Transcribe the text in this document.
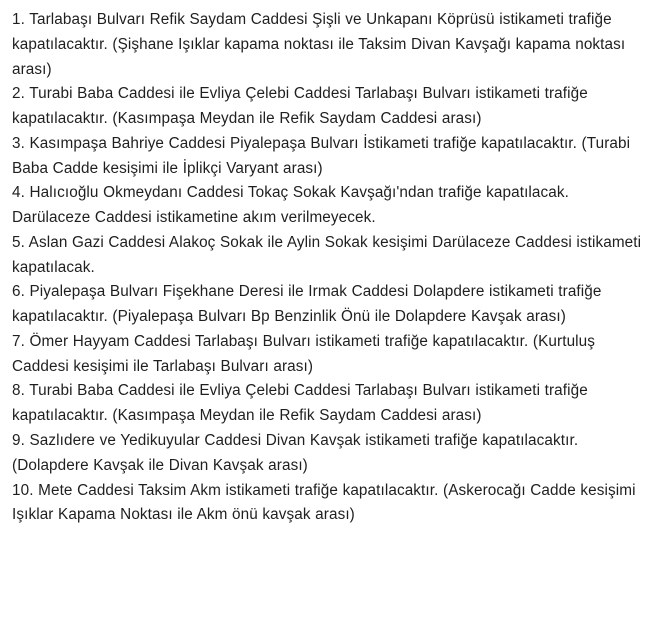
1. Tarlabaşı Bulvarı Refik Saydam Caddesi Şişli ve Unkapanı Köprüsü istikameti trafiğe kapatılacaktır. (Şişhane Işıklar kapama noktası ile Taksim Divan Kavşağı kapama noktası arası)

2. Turabi Baba Caddesi ile Evliya Çelebi Caddesi Tarlabaşı Bulvarı istikameti trafiğe kapatılacaktır. (Kasımpaşa Meydan ile Refik Saydam Caddesi arası)

3. Kasımpaşa Bahriye Caddesi Piyalepaşa Bulvarı İstikameti trafiğe kapatılacaktır. (Turabi Baba Cadde kesişimi ile İplikçi Varyant arası)

4. Halıcıoğlu Okmeydanı Caddesi Tokaç Sokak Kavşağı'ndan trafiğe kapatılacak. Darülaceze Caddesi istikametine akım verilmeyecek.

5. Aslan Gazi Caddesi Alakoç Sokak ile Aylin Sokak kesişimi Darülaceze Caddesi istikameti kapatılacak.

6. Piyalepaşa Bulvarı Fişekhane Deresi ile Irmak Caddesi Dolapdere istikameti trafiğe kapatılacaktır. (Piyalepaşa Bulvarı Bp Benzinlik Önü ile Dolapdere Kavşak arası)

7. Ömer Hayyam Caddesi Tarlabaşı Bulvarı istikameti trafiğe kapatılacaktır. (Kurtuluş Caddesi kesişimi ile Tarlabaşı Bulvarı arası)

8. Turabi Baba Caddesi ile Evliya Çelebi Caddesi Tarlabaşı Bulvarı istikameti trafiğe kapatılacaktır. (Kasımpaşa Meydan ile Refik Saydam Caddesi arası)

9. Sazlıdere ve Yedikuyular Caddesi Divan Kavşak istikameti trafiğe kapatılacaktır. (Dolapdere Kavşak ile Divan Kavşak arası)

10. Mete Caddesi Taksim Akm istikameti trafiğe kapatılacaktır. (Askerocağı Cadde kesişimi Işıklar Kapama Noktası ile Akm önü kavşak arası)
